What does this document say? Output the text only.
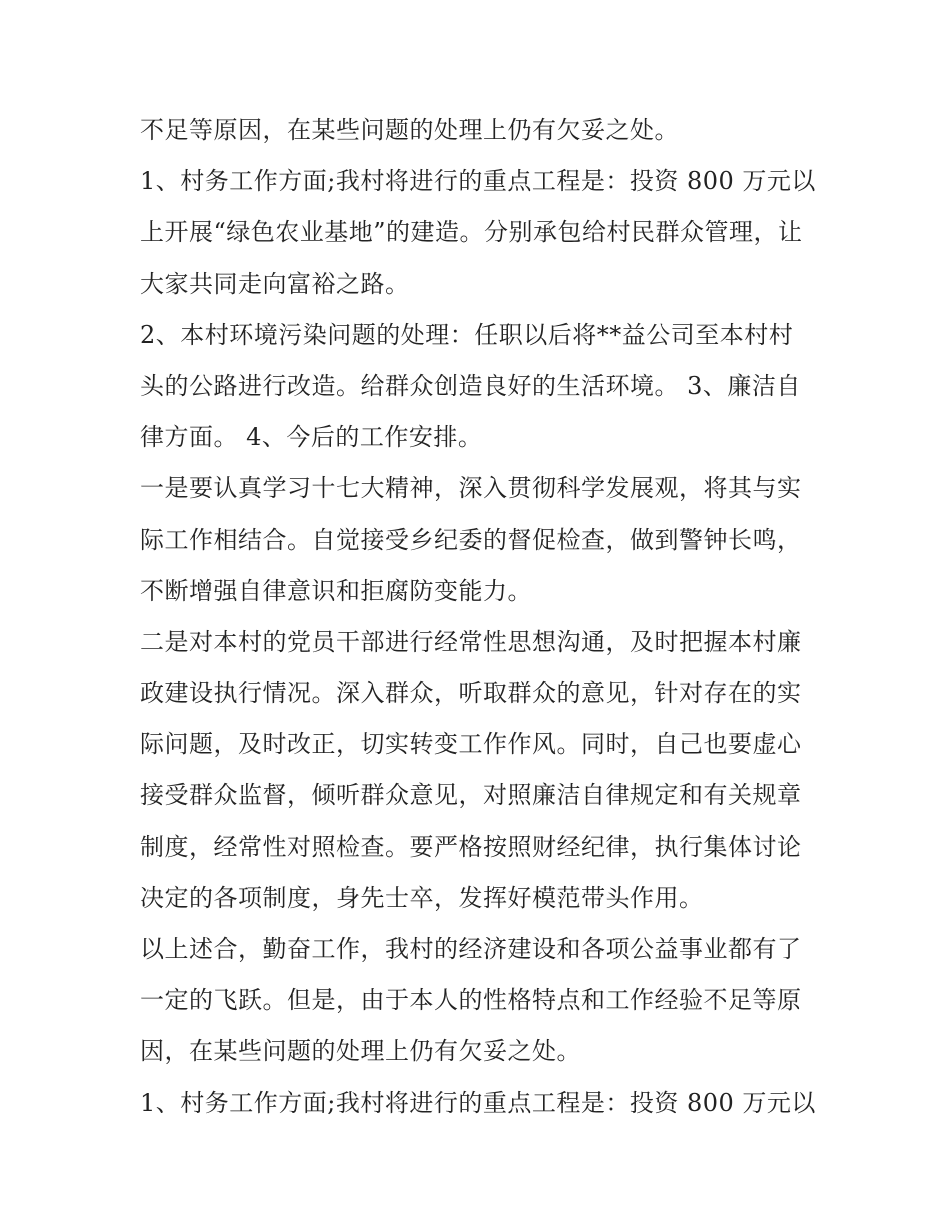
不足等原因，在某些问题的处理上仍有欠妥之处。
1、村务工作方面;我村将进行的重点工程是：投资 800 万元以
上开展“绿色农业基地”的建造。分别承包给村民群众管理，让
大家共同走向富裕之路。
2、本村环境污染问题的处理：任职以后将**益公司至本村村
头的公路进行改造。给群众创造良好的生活环境。 3、廉洁自
律方面。 4、今后的工作安排。
一是要认真学习十七大精神，深入贯彻科学发展观，将其与实
际工作相结合。自觉接受乡纪委的督促检查，做到警钟长鸣，
不断增强自律意识和拒腐防变能力。
二是对本村的党员干部进行经常性思想沟通，及时把握本村廉
政建设执行情况。深入群众，听取群众的意见，针对存在的实
际问题，及时改正，切实转变工作作风。同时，自己也要虚心
接受群众监督，倾听群众意见，对照廉洁自律规定和有关规章
制度，经常性对照检查。要严格按照财经纪律，执行集体讨论
决定的各项制度，身先士卒，发挥好模范带头作用。
以上述合，勤奋工作，我村的经济建设和各项公益事业都有了
一定的飞跃。但是，由于本人的性格特点和工作经验不足等原
因，在某些问题的处理上仍有欠妥之处。
1、村务工作方面;我村将进行的重点工程是：投资 800 万元以
